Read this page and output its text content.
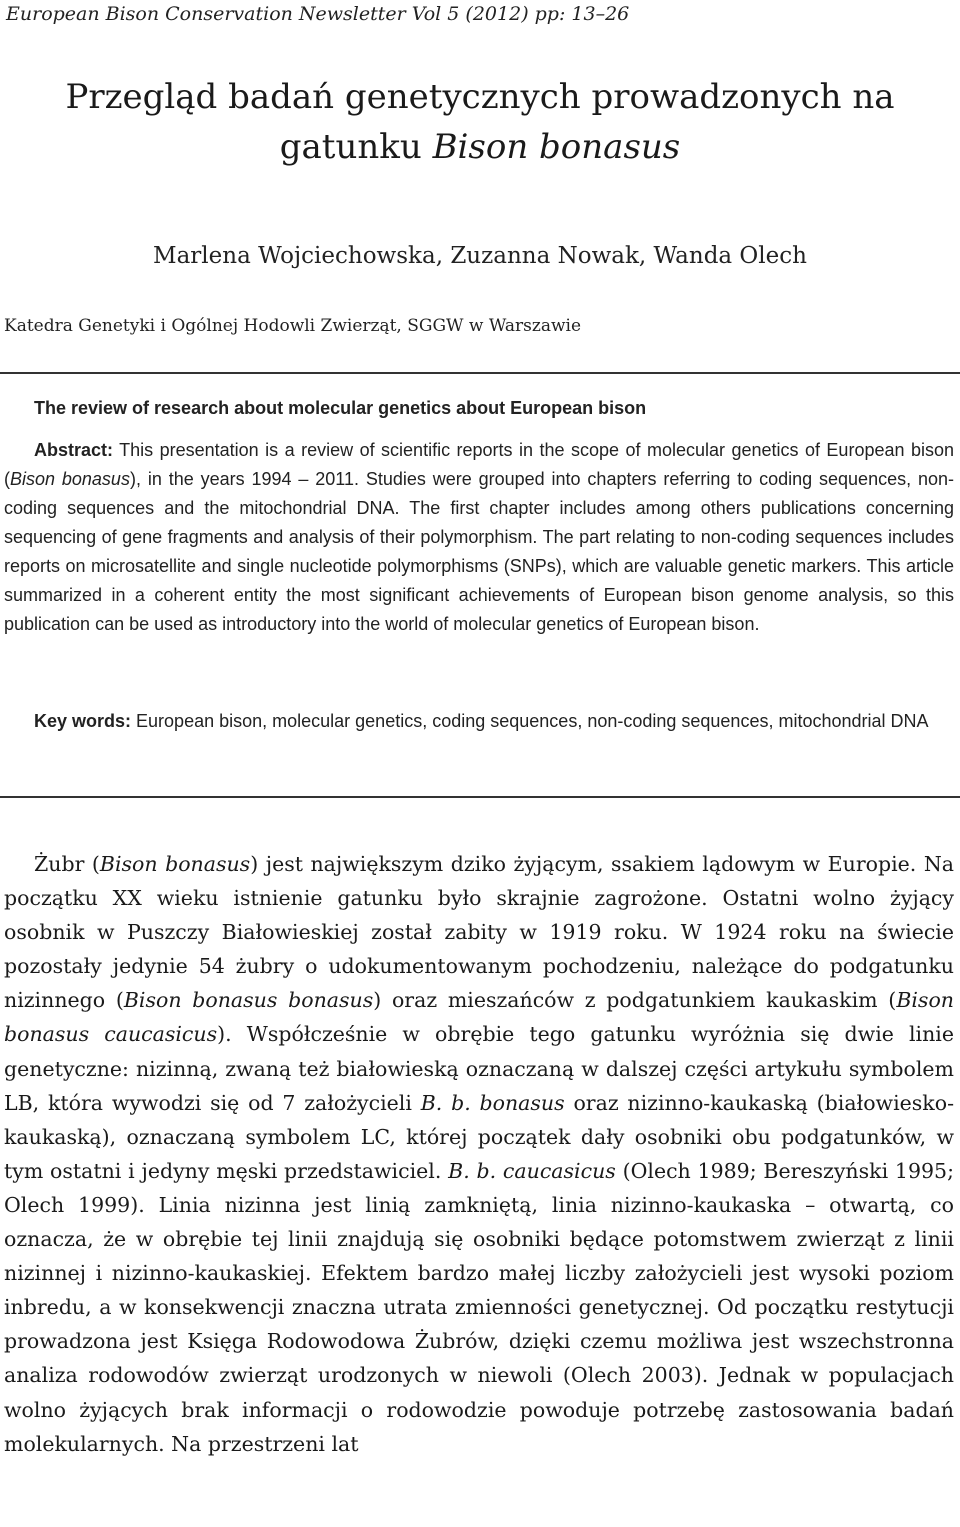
European Bison Conservation Newsletter Vol 5 (2012) pp: 13–26
Przegląd badań genetycznych prowadzonych na
gatunku Bison bonasus
Marlena Wojciechowska, Zuzanna Nowak, Wanda Olech
Katedra Genetyki i Ogólnej Hodowli Zwierząt, SGGW w Warszawie
The review of research about molecular genetics about European bison

Abstract: This presentation is a review of scientific reports in the scope of molecular genetics of European bison (Bison bonasus), in the years 1994 – 2011. Studies were grouped into chapters referring to coding sequences, non-coding sequences and the mitochondrial DNA. The first chapter includes among others publications concerning sequencing of gene fragments and analysis of their polymorphism. The part relating to non-coding sequences includes reports on microsatellite and single nucleotide polymorphisms (SNPs), which are valuable genetic markers. This article summarized in a coherent entity the most significant achievements of European bison genome analysis, so this publication can be used as introductory into the world of molecular genetics of European bison.

Key words: European bison, molecular genetics, coding sequences, non-coding sequences, mitochondrial DNA

Żubr (Bison bonasus) jest największym dziko żyjącym, ssakiem lądowym w Europie. Na początku XX wieku istnienie gatunku było skrajnie zagrożone. Ostatni wolno żyjący osobnik w Puszczy Białowieskiej został zabity w 1919 roku. W 1924 roku na świecie pozostały jedynie 54 żubry o udokumentowanym pochodzeniu, należące do podgatunku nizinnego (Bison bonasus bonasus) oraz mieszańców z podgatunkiem kaukaskim (Bison bonasus caucasicus). Współcześnie w obrębie tego gatunku wyróżnia się dwie linie genetyczne: nizinną, zwaną też białowieską oznaczaną w dalszej części artykułu symbolem LB, która wywodzi się od 7 założycieli B. b. bonasus oraz nizinno-kaukaską (białowiesko-kaukaską), oznaczaną symbolem LC, której początek dały osobniki obu podgatunków, w tym ostatni i jedyny męski przedstawiciel. B. b. caucasicus (Olech 1989; Bereszyński 1995; Olech 1999). Linia nizinna jest linią zamkniętą, linia nizinno-kaukaska – otwartą, co oznacza, że w obrębie tej linii znajdują się osobniki będące potomstwem zwierząt z linii nizinnej i nizinno-kaukaskiej. Efektem bardzo małej liczby założycieli jest wysoki poziom inbredu, a w konsekwencji znaczna utrata zmienności genetycznej. Od początku restytucji prowadzona jest Księga Rodowodowa Żubrów, dzięki czemu możliwa jest wszechstronna analiza rodowodów zwierząt urodzonych w niewoli (Olech 2003). Jednak w populacjach wolno żyjących brak informacji o rodowodzie powoduje potrzebę zastosowania badań molekularnych. Na przestrzeni lat
